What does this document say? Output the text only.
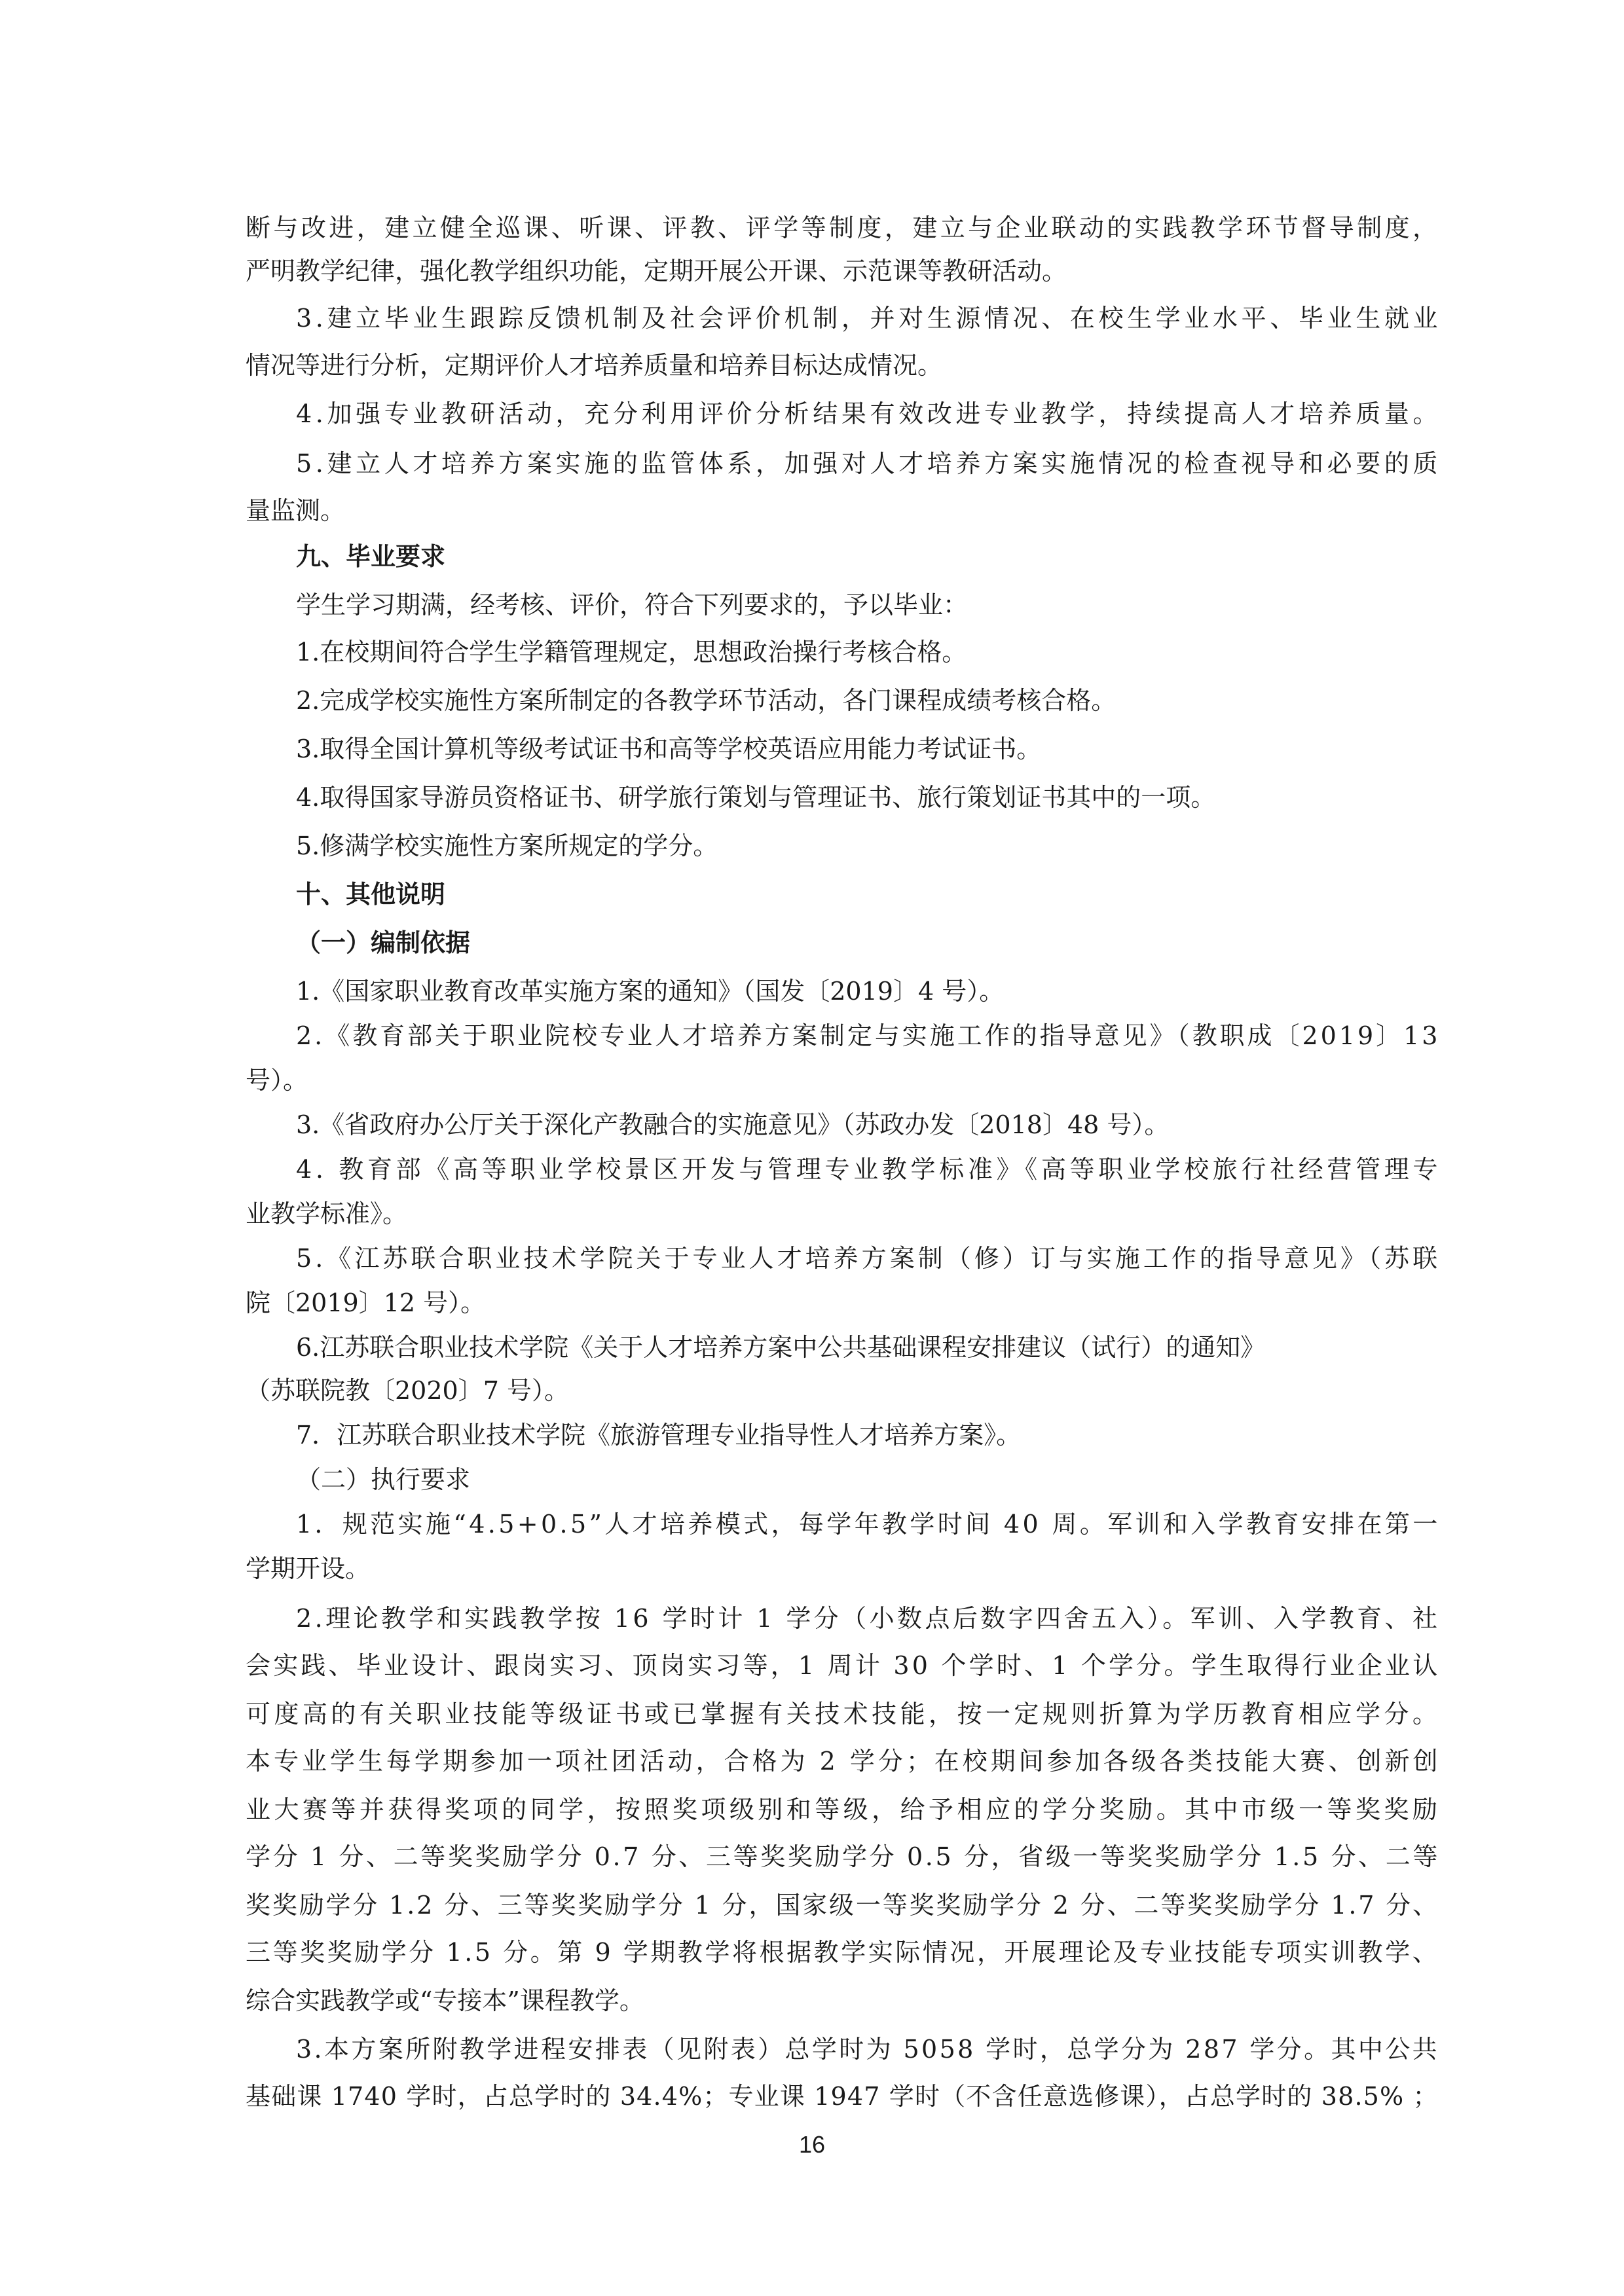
断与改进，建立健全巡课、听课、评教、评学等制度，建立与企业联动的实践教学环节督导制度，

严明教学纪律，强化教学组织功能，定期开展公开课、示范课等教研活动。

3.建立毕业生跟踪反馈机制及社会评价机制，并对生源情况、在校生学业水平、毕业生就业

情况等进行分析，定期评价人才培养质量和培养目标达成情况。

4.加强专业教研活动，充分利用评价分析结果有效改进专业教学，持续提高人才培养质量。

5.建立人才培养方案实施的监管体系，加强对人才培养方案实施情况的检查视导和必要的质

量监测。

九、毕业要求

学生学习期满，经考核、评价，符合下列要求的，予以毕业：

1.在校期间符合学生学籍管理规定，思想政治操行考核合格。

2.完成学校实施性方案所制定的各教学环节活动，各门课程成绩考核合格。

3.取得全国计算机等级考试证书和高等学校英语应用能力考试证书。

4.取得国家导游员资格证书、研学旅行策划与管理证书、旅行策划证书其中的一项。

5.修满学校实施性方案所规定的学分。

十、其他说明

（一）编制依据

1.《国家职业教育改革实施方案的通知》（国发〔2019〕4 号）。

2.《教育部关于职业院校专业人才培养方案制定与实施工作的指导意见》（教职成〔2019〕13

号）。

3.《省政府办公厅关于深化产教融合的实施意见》（苏政办发〔2018〕48 号）。

4. 教育部《高等职业学校景区开发与管理专业教学标准》《高等职业学校旅行社经营管理专

业教学标准》。

5.《江苏联合职业技术学院关于专业人才培养方案制（修）订与实施工作的指导意见》（苏联

院〔2019〕12 号）。

6.江苏联合职业技术学院《关于人才培养方案中公共基础课程安排建议（试行）的通知》

（苏联院教〔2020〕7 号）。

7．江苏联合职业技术学院《旅游管理专业指导性人才培养方案》。

（二）执行要求

1．规范实施“4.5+0.5”人才培养模式，每学年教学时间 40 周。军训和入学教育安排在第一

学期开设。

2.理论教学和实践教学按 16 学时计 1 学分（小数点后数字四舍五入）。军训、入学教育、社

会实践、毕业设计、跟岗实习、顶岗实习等，1 周计 30 个学时、1 个学分。学生取得行业企业认

可度高的有关职业技能等级证书或已掌握有关技术技能，按一定规则折算为学历教育相应学分。

本专业学生每学期参加一项社团活动，合格为 2 学分；在校期间参加各级各类技能大赛、创新创

业大赛等并获得奖项的同学，按照奖项级别和等级，给予相应的学分奖励。其中市级一等奖奖励

学分 1 分、二等奖奖励学分 0.7 分、三等奖奖励学分 0.5 分，省级一等奖奖励学分 1.5 分、二等

奖奖励学分 1.2 分、三等奖奖励学分 1 分，国家级一等奖奖励学分 2 分、二等奖奖励学分 1.7 分、

三等奖奖励学分 1.5 分。第 9 学期教学将根据教学实际情况，开展理论及专业技能专项实训教学、

综合实践教学或“专接本”课程教学。

3.本方案所附教学进程安排表（见附表）总学时为 5058 学时，总学分为 287 学分。其中公共

基础课 1740 学时，占总学时的 34.4%；专业课 1947 学时（不含任意选修课），占总学时的 38.5% ；

16
